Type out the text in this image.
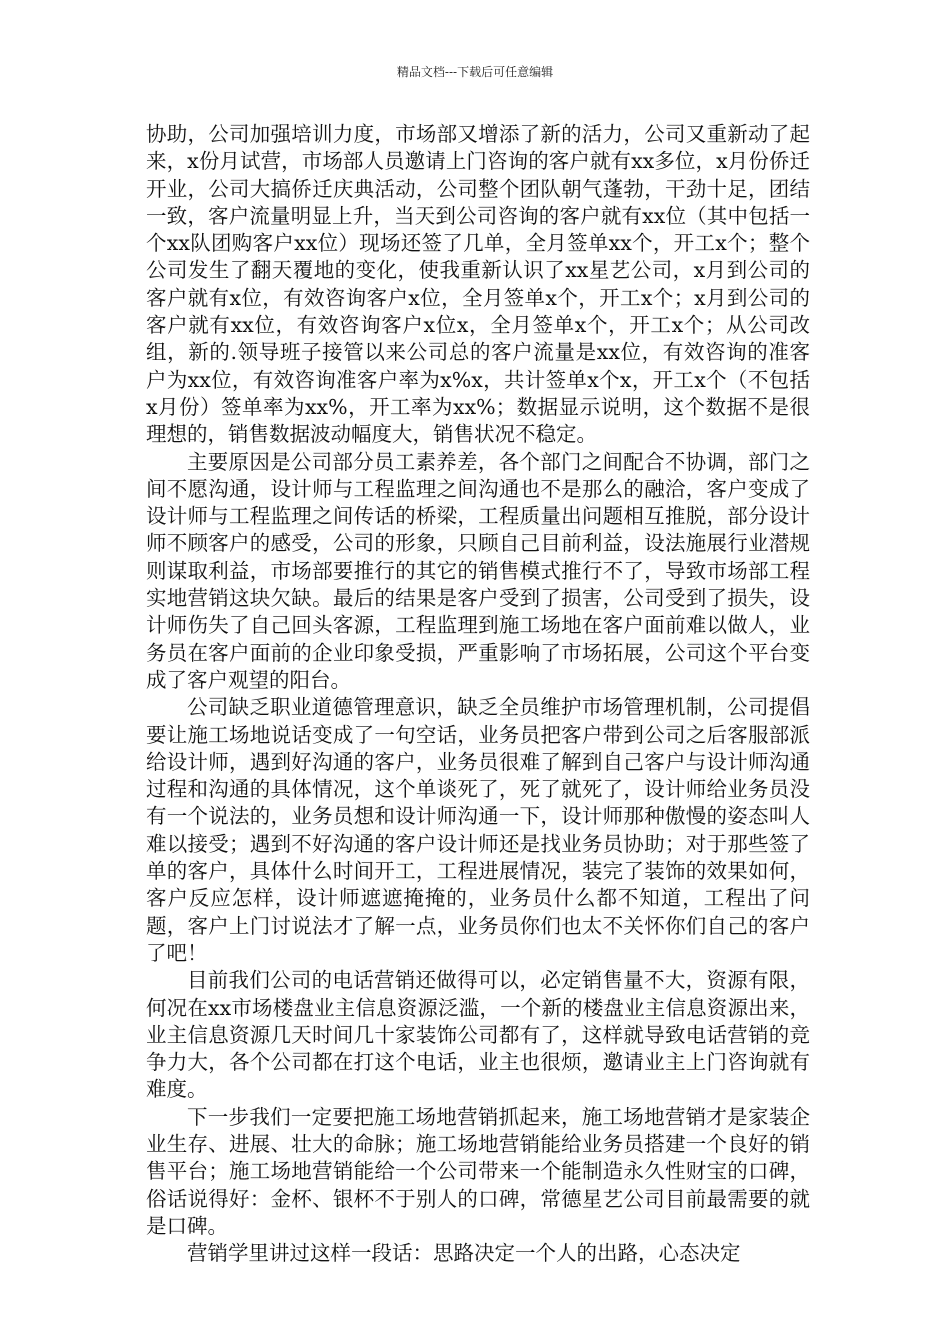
精品文档---下载后可任意编辑

协助，公司加强培训力度，市场部又增添了新的活力，公司又重新动了起来，x份月试营，市场部人员邀请上门咨询的客户就有xx多位，x月份侨迁开业，公司大搞侨迁庆典活动，公司整个团队朝气蓬勃，干劲十足，团结一致，客户流量明显上升，当天到公司咨询的客户就有xx位（其中包括一个xx队团购客户xx位）现场还签了几单，全月签单xx个，开工x个；整个公司发生了翻天覆地的变化，使我重新认识了xx星艺公司，x月到公司的客户就有x位，有效咨询客户x位，全月签单x个，开工x个；x月到公司的客户就有xx位，有效咨询客户x位x，全月签单x个，开工x个；从公司改组，新的.领导班子接管以来公司总的客户流量是xx位，有效咨询的准客户为xx位，有效咨询准客户率为x%x，共计签单x个x，开工x个（不包括x月份）签单率为xx%，开工率为xx%；数据显示说明，这个数据不是很理想的，销售数据波动幅度大，销售状况不稳定。

主要原因是公司部分员工素养差，各个部门之间配合不协调，部门之间不愿沟通，设计师与工程监理之间沟通也不是那么的融洽，客户变成了设计师与工程监理之间传话的桥梁，工程质量出问题相互推脱，部分设计师不顾客户的感受，公司的形象，只顾自己目前利益，设法施展行业潜规则谋取利益，市场部要推行的其它的销售模式推行不了，导致市场部工程实地营销这块欠缺。最后的结果是客户受到了损害，公司受到了损失，设计师伤失了自己回头客源，工程监理到施工场地在客户面前难以做人，业务员在客户面前的企业印象受损，严重影响了市场拓展，公司这个平台变成了客户观望的阳台。

公司缺乏职业道德管理意识，缺乏全员维护市场管理机制，公司提倡要让施工场地说话变成了一句空话，业务员把客户带到公司之后客服部派给设计师，遇到好沟通的客户，业务员很难了解到自己客户与设计师沟通过程和沟通的具体情况，这个单谈死了，死了就死了，设计师给业务员没有一个说法的，业务员想和设计师沟通一下，设计师那种傲慢的姿态叫人难以接受；遇到不好沟通的客户设计师还是找业务员协助；对于那些签了单的客户，具体什么时间开工，工程进展情况，装完了装饰的效果如何，客户反应怎样，设计师遮遮掩掩的，业务员什么都不知道，工程出了问题，客户上门讨说法才了解一点，业务员你们也太不关怀你们自己的客户了吧！

目前我们公司的电话营销还做得可以，必定销售量不大，资源有限，何况在xx市场楼盘业主信息资源泛滥，一个新的楼盘业主信息资源出来，业主信息资源几天时间几十家装饰公司都有了，这样就导致电话营销的竞争力大，各个公司都在打这个电话，业主也很烦，邀请业主上门咨询就有难度。

下一步我们一定要把施工场地营销抓起来，施工场地营销才是家装企业生存、进展、壮大的命脉；施工场地营销能给业务员搭建一个良好的销售平台；施工场地营销能给一个公司带来一个能制造永久性财宝的口碑，俗话说得好：金杯、银杯不于别人的口碑，常德星艺公司目前最需要的就是口碑。

营销学里讲过这样一段话：思路决定一个人的出路，心态决定
